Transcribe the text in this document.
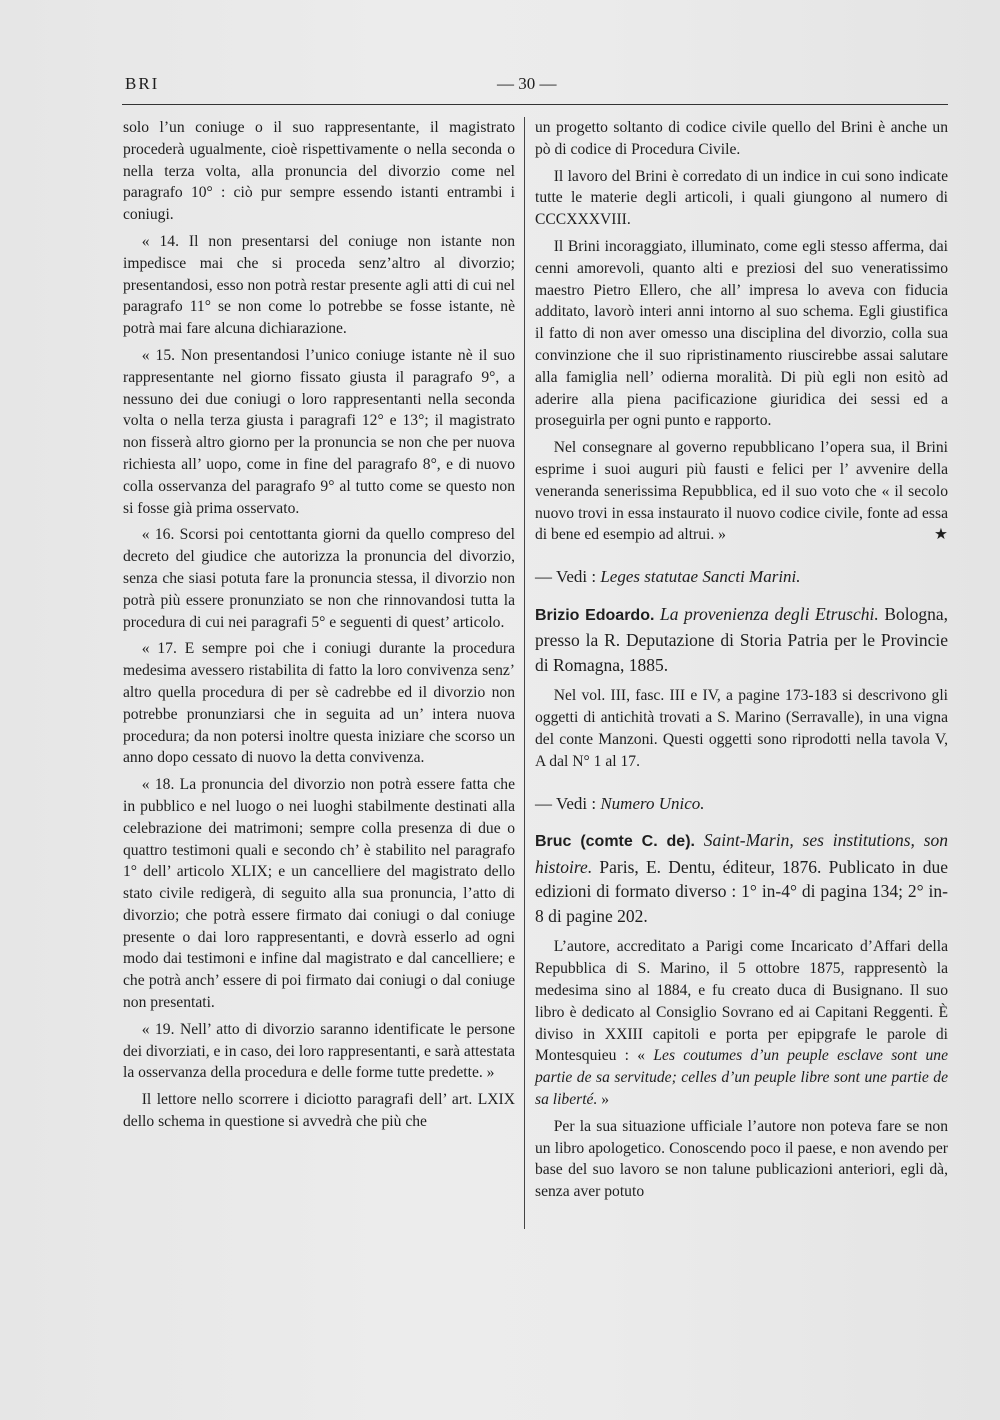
BRI	— 30 —

solo l’un coniuge o il suo rappresentante, il magistrato procederà ugualmente, cioè rispettivamente o nella seconda o nella terza volta, alla pronuncia del divorzio come nel paragrafo 10° : ciò pur sempre essendo istanti entrambi i coniugi.

« 14. Il non presentarsi del coniuge non istante non impedisce mai che si proceda senz’altro al divorzio; presentandosi, esso non potrà restar presente agli atti di cui nel paragrafo 11° se non come lo potrebbe se fosse istante, nè potrà mai fare alcuna dichiarazione.

« 15. Non presentandosi l’unico coniuge istante nè il suo rappresentante nel giorno fissato giusta il paragrafo 9°, a nessuno dei due coniugi o loro rappresentanti nella seconda volta o nella terza giusta i paragrafi 12° e 13°; il magistrato non fisserà altro giorno per la pronuncia se non che per nuova richiesta all’ uopo, come in fine del paragrafo 8°, e di nuovo colla osservanza del paragrafo 9° al tutto come se questo non si fosse già prima osservato.

« 16. Scorsi poi centottanta giorni da quello compreso del decreto del giudice che autorizza la pronuncia del divorzio, senza che siasi potuta fare la pronuncia stessa, il divorzio non potrà più essere pronunziato se non che rinnovandosi tutta la procedura di cui nei paragrafi 5° e seguenti di quest’ articolo.

« 17. E sempre poi che i coniugi durante la procedura medesima avessero ristabilita di fatto la loro convivenza senz’ altro quella procedura di per sè cadrebbe ed il divorzio non potrebbe pronunziarsi che in seguita ad un’ intera nuova procedura; da non potersi inoltre questa iniziare che scorso un anno dopo cessato di nuovo la detta convivenza.

« 18. La pronuncia del divorzio non potrà essere fatta che in pubblico e nel luogo o nei luoghi stabilmente destinati alla celebrazione dei matrimoni; sempre colla presenza di due o quattro testimoni quali e secondo ch’ è stabilito nel paragrafo 1° dell’ articolo XLIX; e un cancelliere del magistrato dello stato civile redigerà, di seguito alla sua pronuncia, l’atto di divorzio; che potrà essere firmato dai coniugi o dal coniuge presente o dai loro rappresentanti, e dovrà esserlo ad ogni modo dai testimoni e infine dal magistrato e dal cancelliere; e che potrà anch’ essere di poi firmato dai coniugi o dal coniuge non presentati.

« 19. Nell’ atto di divorzio saranno identificate le persone dei divorziati, e in caso, dei loro rappresentanti, e sarà attestata la osservanza della procedura e delle forme tutte predette. »

Il lettore nello scorrere i diciotto paragrafi dell’ art. LXIX dello schema in questione si avvedrà che più che

un progetto soltanto di codice civile quello del Brini è anche un pò di codice di Procedura Civile.

Il lavoro del Brini è corredato di un indice in cui sono indicate tutte le materie degli articoli, i quali giungono al numero di CCCXXXVIII.

Il Brini incoraggiato, illuminato, come egli stesso afferma, dai cenni amorevoli, quanto alti e preziosi del suo veneratissimo maestro Pietro Ellero, che all’ impresa lo aveva con fiducia additato, lavorò interi anni intorno al suo schema. Egli giustifica il fatto di non aver omesso una disciplina del divorzio, colla sua convinzione che il suo ripristinamento riuscirebbe assai salutare alla famiglia nell’ odierna moralità. Di più egli non esitò ad aderire alla piena pacificazione giuridica dei sessi ed a proseguirla per ogni punto e rapporto.

Nel consegnare al governo repubblicano l’opera sua, il Brini esprime i suoi auguri più fausti e felici per l’ avvenire della veneranda senerissima Repubblica, ed il suo voto che « il secolo nuovo trovi in essa instaurato il nuovo codice civile, fonte ad essa di bene ed esempio ad altrui. »	★

— Vedi : Leges statutae Sancti Marini.

Brizio Edoardo. La provenienza degli Etruschi. Bologna, presso la R. Deputazione di Storia Patria per le Provincie di Romagna, 1885.

Nel vol. III, fasc. III e IV, a pagine 173-183 si descrivono gli oggetti di antichità trovati a S. Marino (Serravalle), in una vigna del conte Manzoni. Questi oggetti sono riprodotti nella tavola V, A dal N° 1 al 17.

— Vedi : Numero Unico.

Bruc (comte C. de). Saint-Marin, ses institutions, son histoire. Paris, E. Dentu, éditeur, 1876. Publicato in due edizioni di formato diverso : 1° in-4° di pagina 134; 2° in-8 di pagine 202.

L’autore, accreditato a Parigi come Incaricato d’Affari della Repubblica di S. Marino, il 5 ottobre 1875, rappresentò la medesima sino al 1884, e fu creato duca di Busignano. Il suo libro è dedicato al Consiglio Sovrano ed ai Capitani Reggenti. È diviso in XXIII capitoli e porta per epipgrafe le parole di Montesquieu : « Les coutumes d’un peuple esclave sont une partie de sa servitude; celles d’un peuple libre sont une partie de sa liberté. »

Per la sua situazione ufficiale l’autore non poteva fare se non un libro apologetico. Conoscendo poco il paese, e non avendo per base del suo lavoro se non talune publicazioni anteriori, egli dà, senza aver potuto
